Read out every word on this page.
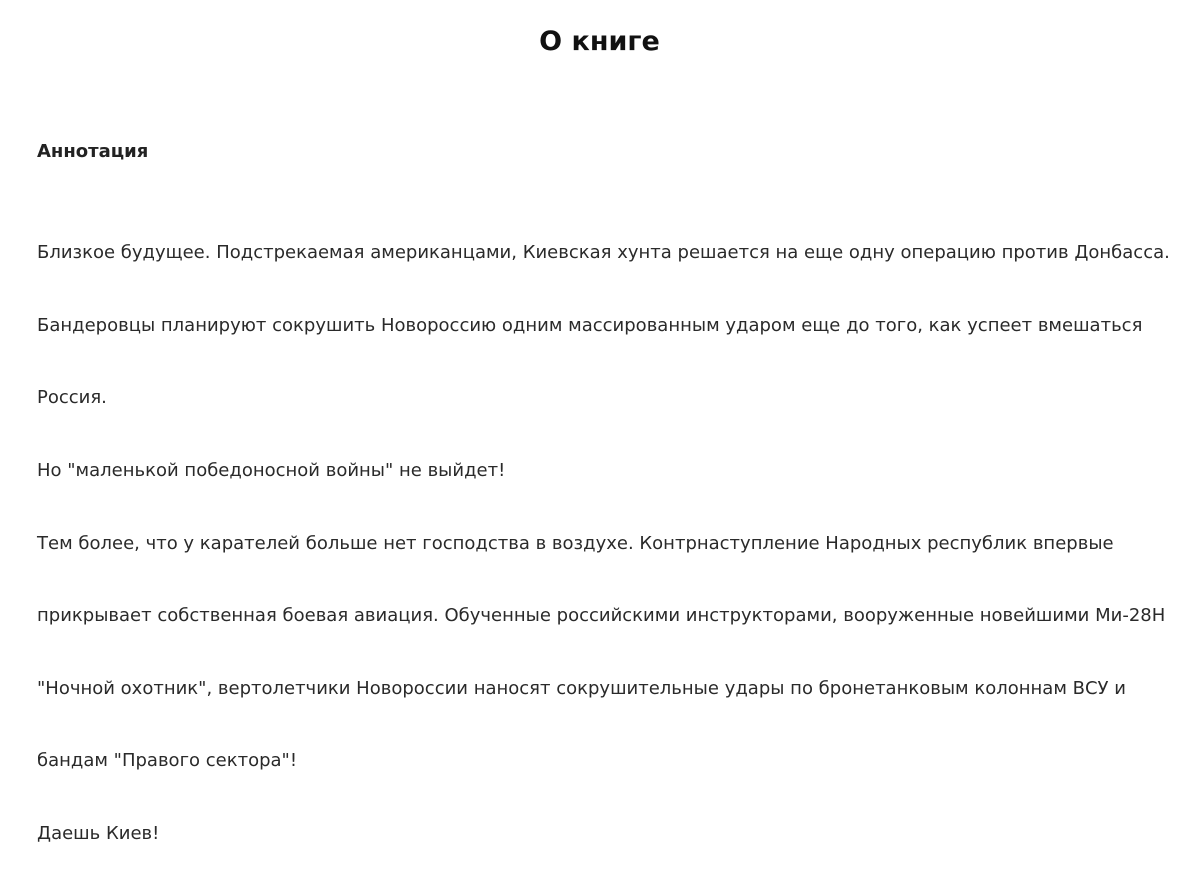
О книге
Аннотация

Близкое будущее. Подстрекаемая американцами, Киевская хунта решается на еще одну операцию против Донбасса.

Бандеровцы планируют сокрушить Новороссию одним массированным ударом еще до того, как успеет вмешаться

Россия.

Но "маленькой победоносной войны" не выйдет!

Тем более, что у карателей больше нет господства в воздухе. Контрнаступление Народных республик впервые

прикрывает собственная боевая авиация. Обученные российскими инструкторами, вооруженные новейшими Ми-28Н

"Ночной охотник", вертолетчики Новороссии наносят сокрушительные удары по бронетанковым колоннам ВСУ и

бандам "Правого сектора"!

Даешь Киев!
